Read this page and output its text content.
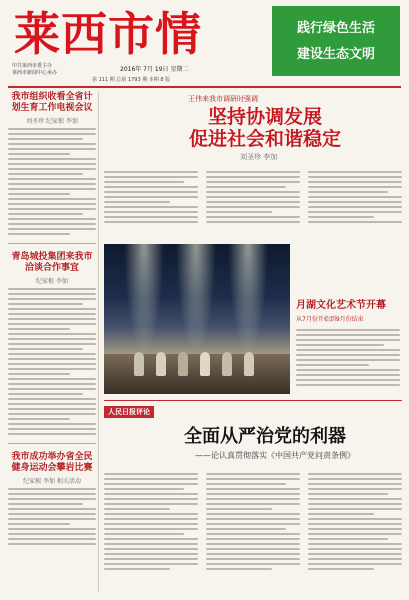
莱西市情	践行绿色生活
建设生态文明
中共莱西市委主办
莱西市新闻中心承办	2016年 7月 19日 星期二
第 111 期 总第 1793 期 本期 8 版
我市组织收看全省计划生育工作电视会议
刘圣珍 纪家根 李加
青岛城投集团来我市洽谈合作事宜
纪家根 李加
我市成功举办省全民健身运动会攀岩比赛
纪家根 李加 相关活动
王伟来我市调研时强调
坚持协调发展
促进社会和谐稳定
刘圣珍 李加
月湖文化艺术节开幕
从7月份开始到9月份结束
人民日报评论
全面从严治党的利器
——论认真贯彻落实《中国共产党问责条例》
